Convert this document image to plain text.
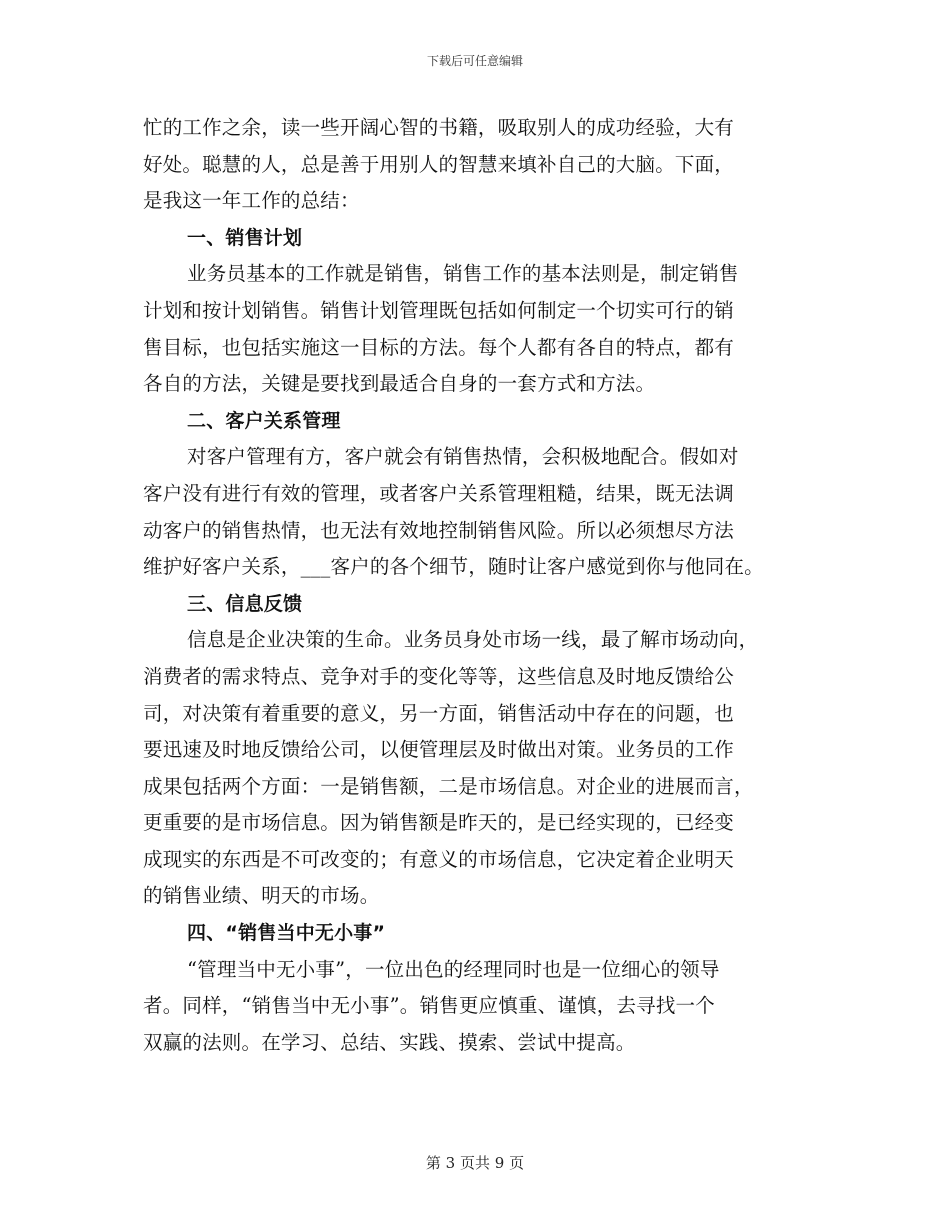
下载后可任意编辑
忙的工作之余，读一些开阔心智的书籍，吸取别人的成功经验，大有
好处。聪慧的人，总是善于用别人的智慧来填补自己的大脑。下面，
是我这一年工作的总结：
一、销售计划
业务员基本的工作就是销售，销售工作的基本法则是，制定销售
计划和按计划销售。销售计划管理既包括如何制定一个切实可行的销
售目标，也包括实施这一目标的方法。每个人都有各自的特点，都有
各自的方法，关键是要找到最适合自身的一套方式和方法。
二、客户关系管理
对客户管理有方，客户就会有销售热情，会积极地配合。假如对
客户没有进行有效的管理，或者客户关系管理粗糙，结果，既无法调
动客户的销售热情，也无法有效地控制销售风险。所以必须想尽方法
维护好客户关系，___客户的各个细节，随时让客户感觉到你与他同在。
三、信息反馈
信息是企业决策的生命。业务员身处市场一线，最了解市场动向，
消费者的需求特点、竞争对手的变化等等，这些信息及时地反馈给公
司，对决策有着重要的意义，另一方面，销售活动中存在的问题，也
要迅速及时地反馈给公司，以便管理层及时做出对策。业务员的工作
成果包括两个方面：一是销售额，二是市场信息。对企业的进展而言，
更重要的是市场信息。因为销售额是昨天的，是已经实现的，已经变
成现实的东西是不可改变的；有意义的市场信息，它决定着企业明天
的销售业绩、明天的市场。
四、“销售当中无小事”
“管理当中无小事”，一位出色的经理同时也是一位细心的领导
者。同样，“销售当中无小事”。销售更应慎重、谨慎，去寻找一个
双赢的法则。在学习、总结、实践、摸索、尝试中提高。
第 3 页共 9 页
